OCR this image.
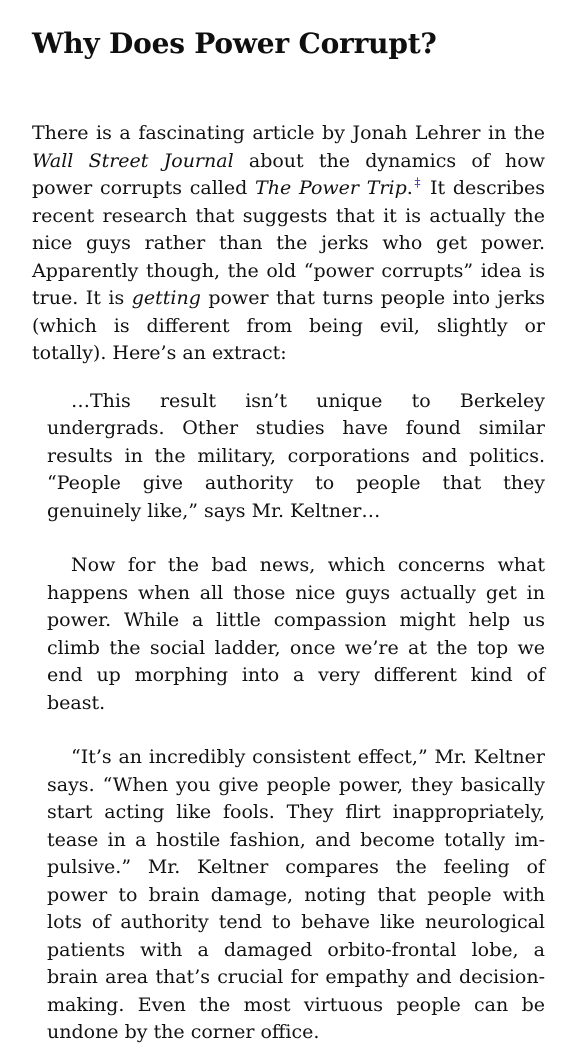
Why Does Power Corrupt?

There is a fascinating article by Jonah Lehrer in the Wall Street Journal about the dynamics of how power corrupts called The Power Trip.‡ It describes recent research that suggests that it is actually the nice guys rather than the jerks who get power. Apparently though, the old “power corrupts” idea is true. It is getting power that turns people into jerks (which is different from being evil, slightly or totally). Here’s an extract:

…This result isn’t unique to Berkeley undergrads. Other studies have found similar results in the military, corporations and politics. “People give authority to people that they genuinely like,” says Mr. Keltner…

Now for the bad news, which concerns what happens when all those nice guys actually get in power. While a little compassion might help us climb the social ladder, once we’re at the top we end up morphing into a very different kind of beast.

“It’s an incredibly consistent effect,” Mr. Keltner says. “When you give people power, they basically start acting like fools. They flirt inappropriately, tease in a hostile fashion, and become totally impulsive.” Mr. Keltner compares the feeling of power to brain damage, noting that people with lots of authority tend to behave like neurological patients with a damaged orbito-frontal lobe, a brain area that’s crucial for empathy and decision-making. Even the most virtuous people can be undone by the corner office.
